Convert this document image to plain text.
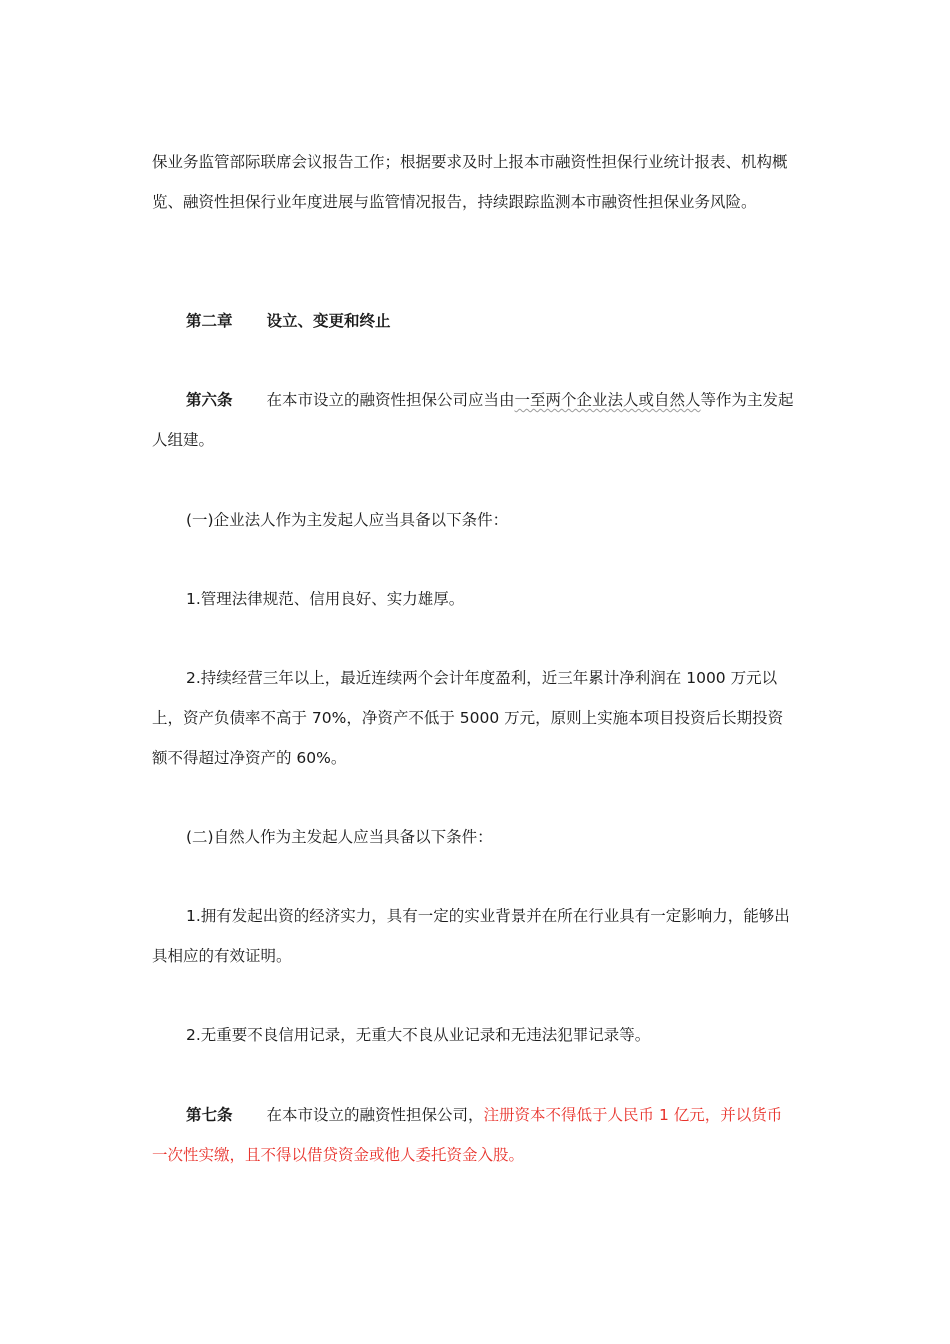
保业务监管部际联席会议报告工作；根据要求及时上报本市融资性担保行业统计报表、机构概览、融资性担保行业年度进展与监管情况报告，持续跟踪监测本市融资性担保业务风险。

第二章 设立、变更和终止

第六条 在本市设立的融资性担保公司应当由一至两个企业法人或自然人等作为主发起人组建。

(一)企业法人作为主发起人应当具备以下条件：

1.管理法律规范、信用良好、实力雄厚。

2.持续经营三年以上，最近连续两个会计年度盈利，近三年累计净利润在 1000 万元以上，资产负债率不高于 70%，净资产不低于 5000 万元，原则上实施本项目投资后长期投资额不得超过净资产的 60%。

(二)自然人作为主发起人应当具备以下条件：

1.拥有发起出资的经济实力，具有一定的实业背景并在所在行业具有一定影响力，能够出具相应的有效证明。

2.无重要不良信用记录，无重大不良从业记录和无违法犯罪记录等。

第七条 在本市设立的融资性担保公司，注册资本不得低于人民币 1 亿元，并以货币一次性实缴，且不得以借贷资金或他人委托资金入股。
